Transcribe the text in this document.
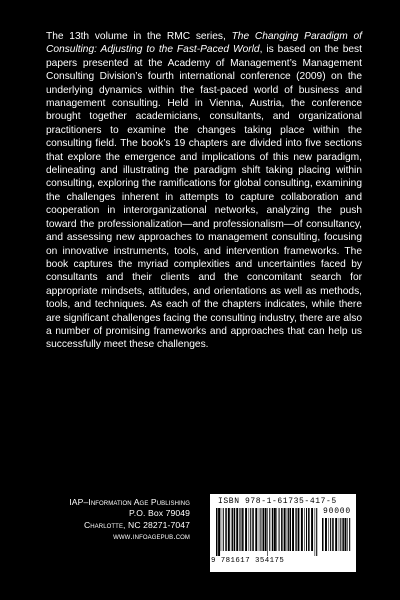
The 13th volume in the RMC series, The Changing Paradigm of Consulting: Adjusting to the Fast-Paced World, is based on the best papers presented at the Academy of Management’s Management Consulting Division’s fourth international conference (2009) on the underlying dynamics within the fast-paced world of business and management consulting. Held in Vienna, Austria, the conference brought together academicians, consultants, and organizational practitioners to examine the changes taking place within the consulting field. The book’s 19 chapters are divided into five sections that explore the emergence and implications of this new paradigm, delineating and illustrating the paradigm shift taking placing within consulting, exploring the ramifications for global consulting, examining the challenges inherent in attempts to capture collaboration and cooperation in interorganizational networks, analyzing the push toward the professionalization—and professionalism—of consultancy, and assessing new approaches to management consulting, focusing on innovative instruments, tools, and intervention frameworks. The book captures the myriad complexities and uncertainties faced by consultants and their clients and the concomitant search for appropriate mindsets, attitudes, and orientations as well as methods, tools, and techniques. As each of the chapters indicates, while there are significant challenges facing the consulting industry, there are also a number of promising frameworks and approaches that can help us successfully meet these challenges.

IAP–Information Age Publishing
P.O. Box 79049
Charlotte, NC 28271-7047
www.infoagepub.com
ISBN 978-1-61735-417-5
90000
9 781617 354175
